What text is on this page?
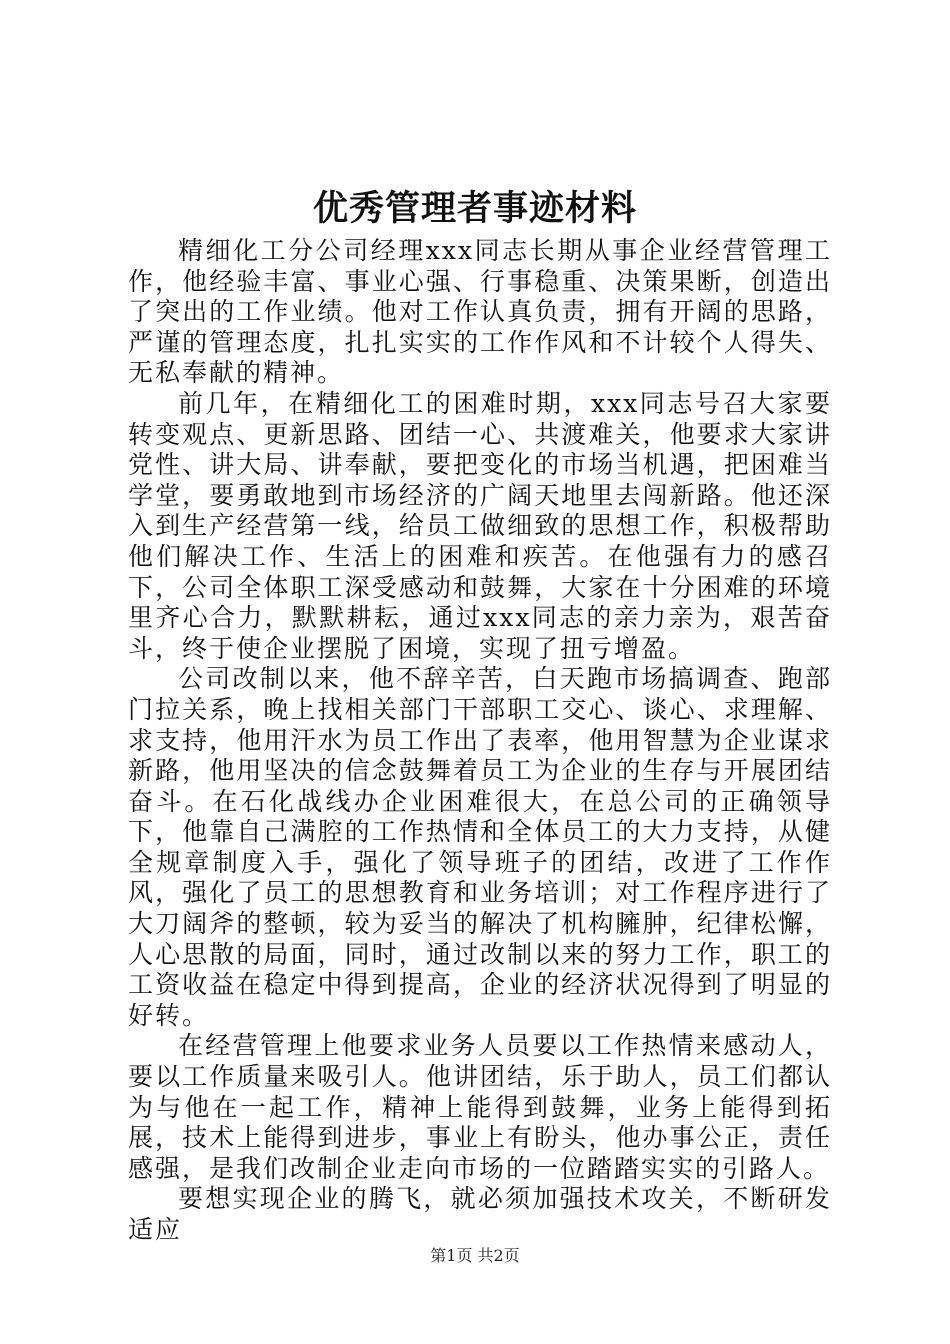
优秀管理者事迹材料

精细化工分公司经理xxx同志长期从事企业经营管理工作，他经验丰富、事业心强、行事稳重、决策果断，创造出了突出的工作业绩。他对工作认真负责，拥有开阔的思路，严谨的管理态度，扎扎实实的工作作风和不计较个人得失、无私奉献的精神。

前几年，在精细化工的困难时期，xxx同志号召大家要转变观点、更新思路、团结一心、共渡难关，他要求大家讲党性、讲大局、讲奉献，要把变化的市场当机遇，把困难当学堂，要勇敢地到市场经济的广阔天地里去闯新路。他还深入到生产经营第一线，给员工做细致的思想工作，积极帮助他们解决工作、生活上的困难和疾苦。在他强有力的感召下，公司全体职工深受感动和鼓舞，大家在十分困难的环境里齐心合力，默默耕耘，通过xxx同志的亲力亲为，艰苦奋斗，终于使企业摆脱了困境，实现了扭亏增盈。

公司改制以来，他不辞辛苦，白天跑市场搞调查、跑部门拉关系，晚上找相关部门干部职工交心、谈心、求理解、求支持，他用汗水为员工作出了表率，他用智慧为企业谋求新路，他用坚决的信念鼓舞着员工为企业的生存与开展团结奋斗。在石化战线办企业困难很大，在总公司的正确领导下，他靠自己满腔的工作热情和全体员工的大力支持，从健全规章制度入手，强化了领导班子的团结，改进了工作作风，强化了员工的思想教育和业务培训；对工作程序进行了大刀阔斧的整顿，较为妥当的解决了机构臃肿，纪律松懈，人心思散的局面，同时，通过改制以来的努力工作，职工的工资收益在稳定中得到提高，企业的经济状况得到了明显的好转。

在经营管理上他要求业务人员要以工作热情来感动人，要以工作质量来吸引人。他讲团结，乐于助人，员工们都认为与他在一起工作，精神上能得到鼓舞，业务上能得到拓展，技术上能得到进步，事业上有盼头，他办事公正，责任感强，是我们改制企业走向市场的一位踏踏实实的引路人。

要想实现企业的腾飞，就必须加强技术攻关，不断研发适应

第1页 共2页
